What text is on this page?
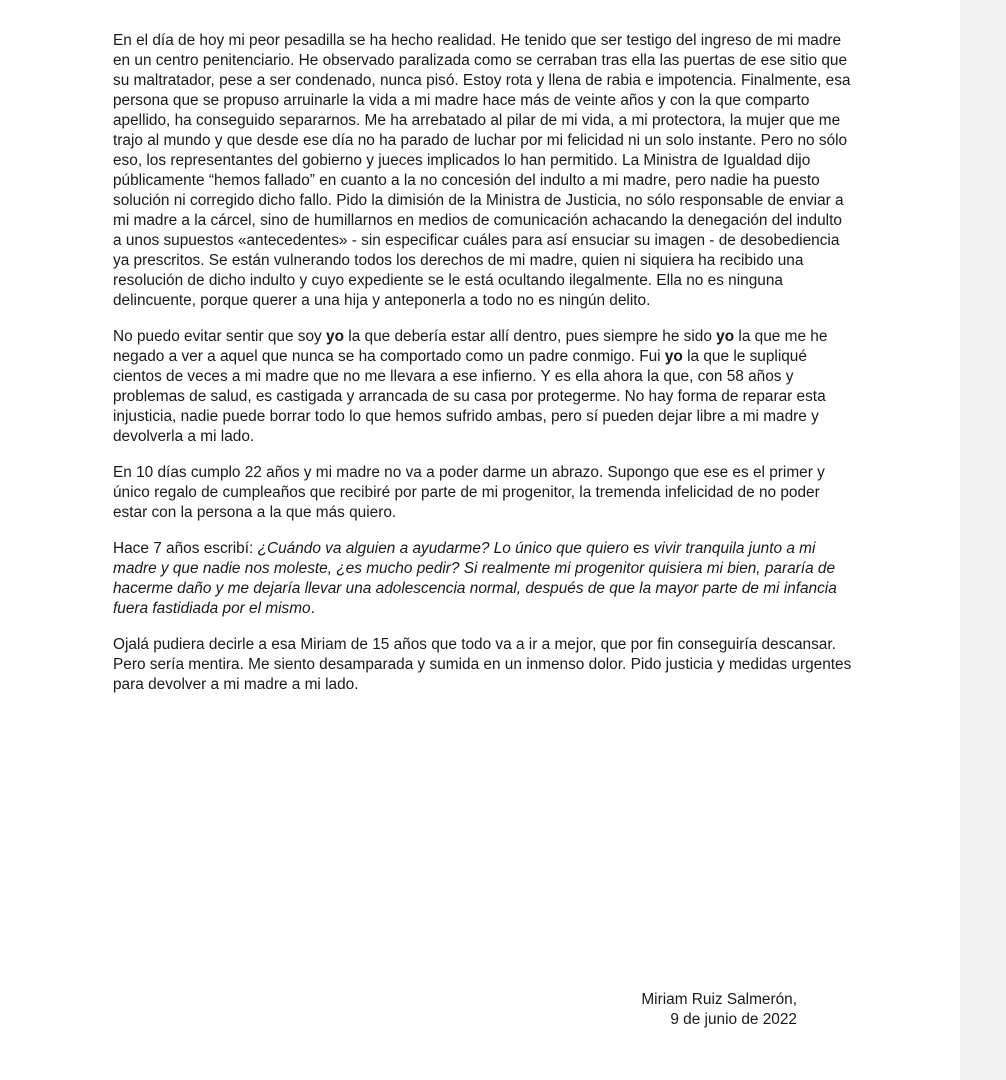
En el día de hoy mi peor pesadilla se ha hecho realidad. He tenido que ser testigo del ingreso de mi madre en un centro penitenciario. He observado paralizada como se cerraban tras ella las puertas de ese sitio que su maltratador, pese a ser condenado, nunca pisó. Estoy rota y llena de rabia e impotencia. Finalmente, esa persona que se propuso arruinarle la vida a mi madre hace más de veinte años y con la que comparto apellido, ha conseguido separarnos. Me ha arrebatado al pilar de mi vida, a mi protectora, la mujer que me trajo al mundo y que desde ese día no ha parado de luchar por mi felicidad ni un solo instante. Pero no sólo eso, los representantes del gobierno y jueces implicados lo han permitido. La Ministra de Igualdad dijo públicamente “hemos fallado” en cuanto a la no concesión del indulto a mi madre, pero nadie ha puesto solución ni corregido dicho fallo. Pido la dimisión de la Ministra de Justicia, no sólo responsable de enviar a mi madre a la cárcel, sino de humillarnos en medios de comunicación achacando la denegación del indulto a unos supuestos «antecedentes» - sin especificar cuáles para así ensuciar su imagen - de desobediencia ya prescritos. Se están vulnerando todos los derechos de mi madre, quien ni siquiera ha recibido una resolución de dicho indulto y cuyo expediente se le está ocultando ilegalmente. Ella no es ninguna delincuente, porque querer a una hija y anteponerla a todo no es ningún delito.

No puedo evitar sentir que soy yo la que debería estar allí dentro, pues siempre he sido yo la que me he negado a ver a aquel que nunca se ha comportado como un padre conmigo. Fui yo la que le supliqué cientos de veces a mi madre que no me llevara a ese infierno. Y es ella ahora la que, con 58 años y problemas de salud, es castigada y arrancada de su casa por protegerme. No hay forma de reparar esta injusticia, nadie puede borrar todo lo que hemos sufrido ambas, pero sí pueden dejar libre a mi madre y devolverla a mi lado.

En 10 días cumplo 22 años y mi madre no va a poder darme un abrazo. Supongo que ese es el primer y único regalo de cumpleaños que recibiré por parte de mi progenitor, la tremenda infelicidad de no poder estar con la persona a la que más quiero.

Hace 7 años escribí: ¿Cuándo va alguien a ayudarme? Lo único que quiero es vivir tranquila junto a mi madre y que nadie nos moleste, ¿es mucho pedir? Si realmente mi progenitor quisiera mi bien, pararía de hacerme daño y me dejaría llevar una adolescencia normal, después de que la mayor parte de mi infancia fuera fastidiada por el mismo.

Ojalá pudiera decirle a esa Miriam de 15 años que todo va a ir a mejor, que por fin conseguiría descansar. Pero sería mentira. Me siento desamparada y sumida en un inmenso dolor. Pido justicia y medidas urgentes para devolver a mi madre a mi lado.

Miriam Ruiz Salmerón,
9 de junio de 2022
